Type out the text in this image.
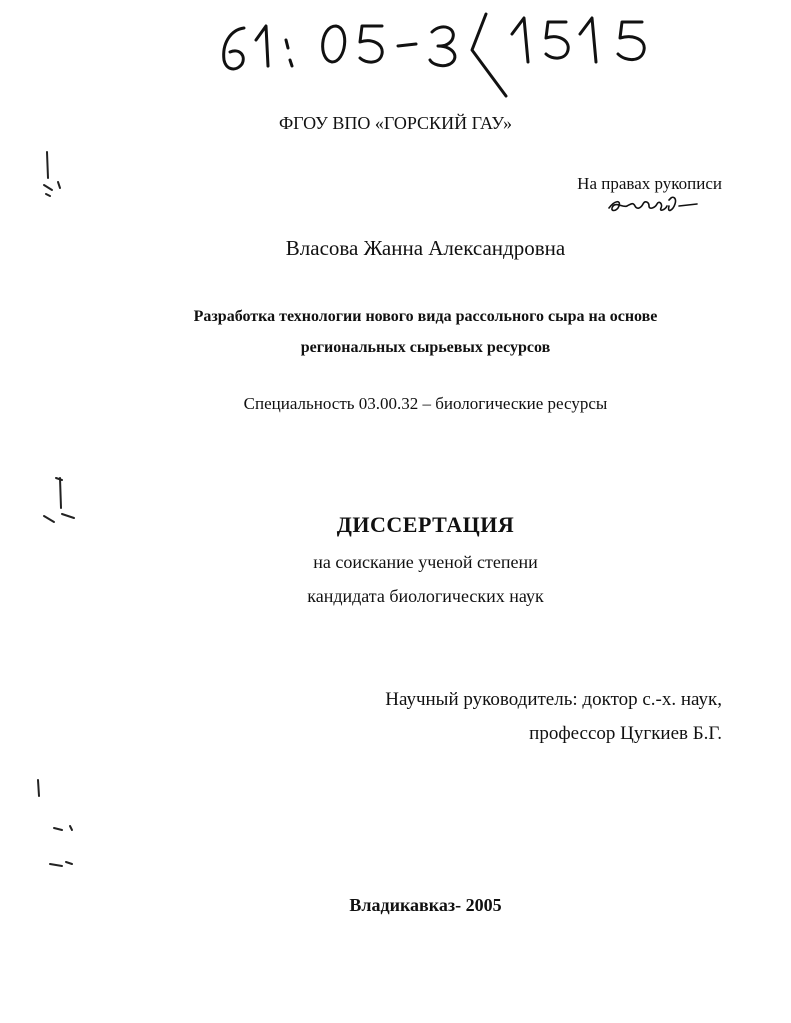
ФГОУ ВПО «ГОРСКИЙ ГАУ»
На правах рукописи
Власова Жанна Александровна
Разработка технологии нового вида рассольного сыра на основе региональных сырьевых ресурсов
Специальность 03.00.32 – биологические ресурсы
ДИССЕРТАЦИЯ
на соискание ученой степени
кандидата биологических наук
Научный руководитель: доктор с.-х. наук,
профессор Цугкиев Б.Г.
Владикавказ- 2005
